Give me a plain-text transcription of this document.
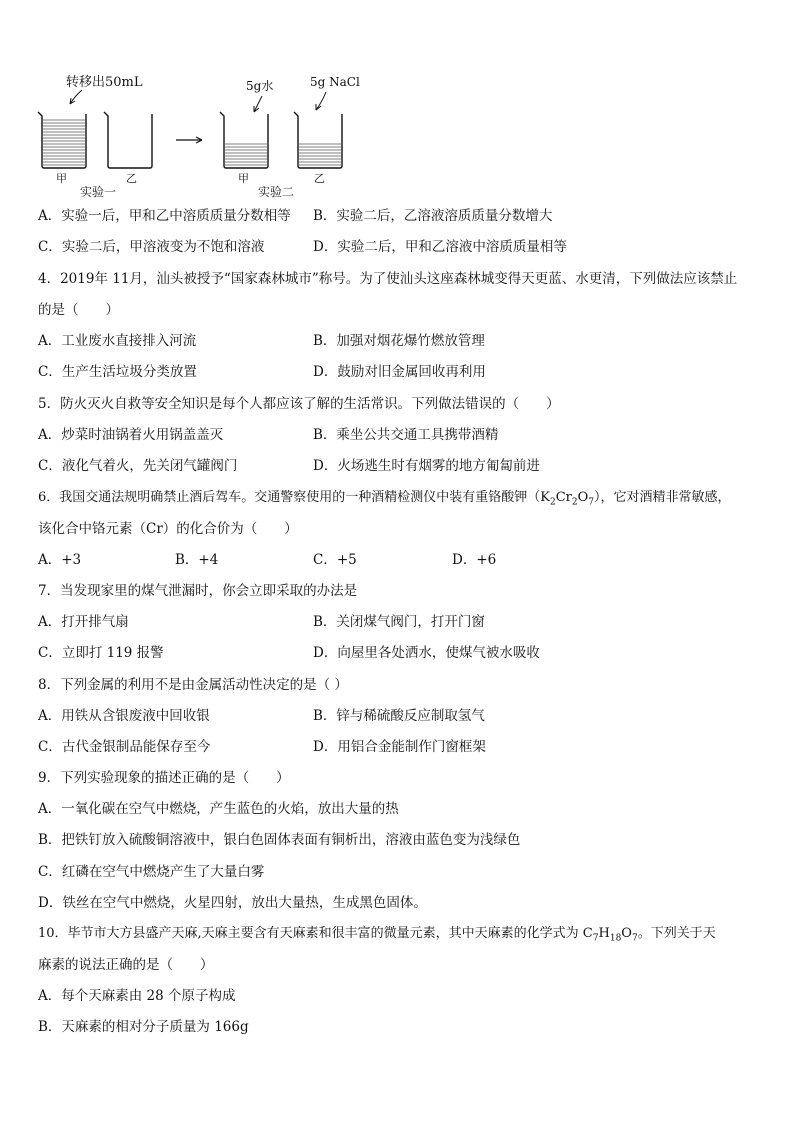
转移出50mL
甲	乙
实验一
5g水	5g NaCl
甲	乙
实验二
A．实验一后，甲和乙中溶质质量分数相等 B．实验二后，乙溶液溶质质量分数增大
C．实验二后，甲溶液变为不饱和溶液	D．实验二后，甲和乙溶液中溶质质量相等
4．2019年 11月，汕头被授予“国家森林城市”称号。为了使汕头这座森林城变得天更蓝、水更清，下列做法应该禁止
的是（　　）
A．工业废水直接排入河流	B．加强对烟花爆竹燃放管理
C．生产生活垃圾分类放置	D．鼓励对旧金属回收再利用
5．防火灭火自救等安全知识是每个人都应该了解的生活常识。下列做法错误的（　　）
A．炒菜时油锅着火用锅盖盖灭	B．乘坐公共交通工具携带酒精
C．液化气着火，先关闭气罐阀门	D．火场逃生时有烟雾的地方匍匐前进
6．我国交通法规明确禁止酒后驾车。交通警察使用的一种酒精检测仪中装有重铬酸钾$(K_2Cr_2O_7)$，它对酒精非常敏感，
该化合中铬元素（Cr）的化合价为（　　）
A．+3	B．+4	C．+5	D．+6
7．当发现家里的煤气泄漏时，你会立即采取的办法是
A．打开排气扇	B．关闭煤气阀门，打开门窗
C．立即打 119 报警	D．向屋里各处洒水，使煤气被水吸收
8．下列金属的利用不是由金属活动性决定的是（ ）
A．用铁从含银废液中回收银	B．锌与稀硫酸反应制取氢气
C．古代金银制品能保存至今	D．用铝合金能制作门窗框架
9．下列实验现象的描述正确的是（　　）
A．一氧化碳在空气中燃烧，产生蓝色的火焰，放出大量的热
B．把铁钉放入硫酸铜溶液中，银白色固体表面有铜析出，溶液由蓝色变为浅绿色
C．红磷在空气中燃烧产生了大量白雾
D．铁丝在空气中燃烧，火星四射，放出大量热，生成黑色固体。
10．毕节市大方县盛产天麻,天麻主要含有天麻素和很丰富的微量元素，其中天麻素的化学式为 $C_7H_{18}O_7$。下列关于天
麻素的说法正确的是（　　）
A．每个天麻素由 28 个原子构成
B．天麻素的相对分子质量为 166g
